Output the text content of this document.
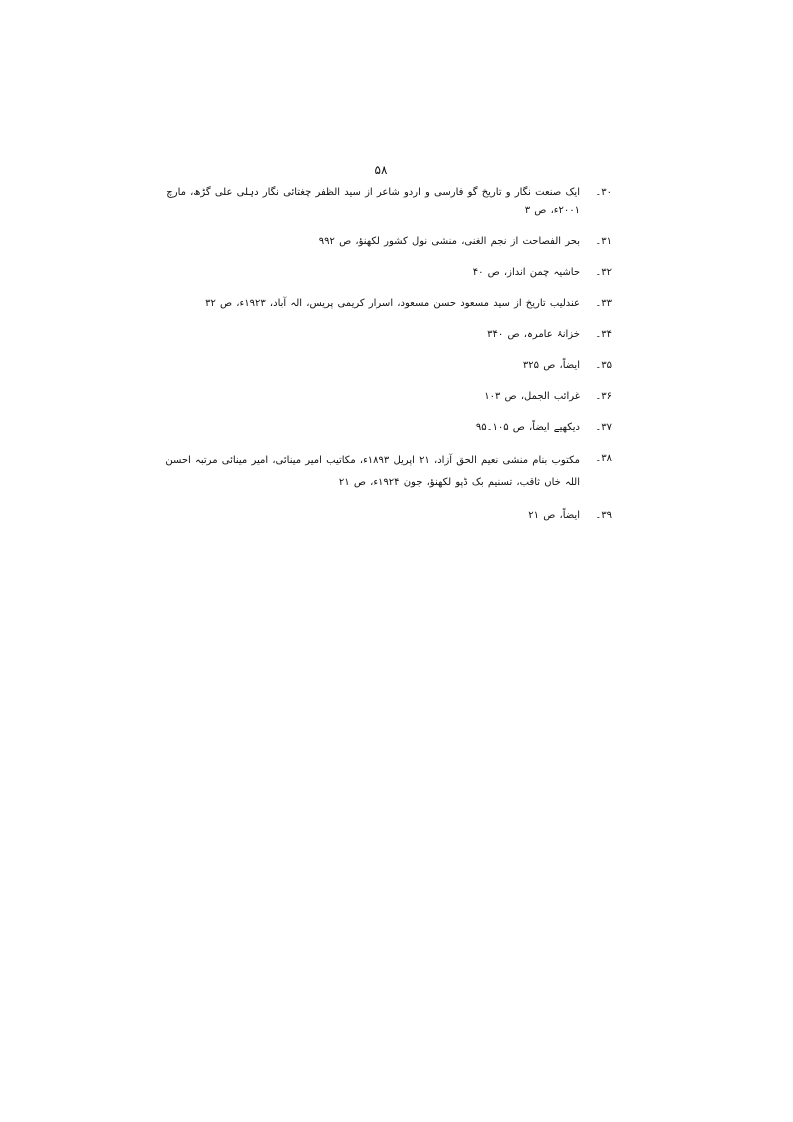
۵۸
۳۰۔
ایک صنعت نگار و تاریخ گو فارسی و اردو شاعر از سید الظفر چغتائی نگار دہلی علی گڑھ، مارچ ۲۰۰۱ء، ص ۳
۳۱۔
بحر الفصاحت از نجم الغنی، منشی نول کشور لکھنؤ، ص ۹۹۲
۳۲۔
حاشیہ چمن انداز، ص ۴۰
۳۳۔
عندلیب تاریخ از سید مسعود حسن مسعود، اسرار کریمی پریس، الہ آباد، ۱۹۲۳ء، ص ۳۲
۳۴۔
خزانۂ عامرہ، ص ۳۴۰
۳۵۔
ایضاً، ص ۳۲۵
۳۶۔
غرائب الجمل، ص ۱۰۳
۳۷۔
دیکھیے ایضاً، ص ۱۰۵۔۹۵
۳۸۔
مکتوب بنام منشی نعیم الحق آزاد، ۲۱ اپریل ۱۸۹۳ء، مکاتیب امیر مینائی، امیر مینائی مرتبہ احسن اللہ خاں ثاقب، تسنیم بک ڈپو لکھنؤ، جون ۱۹۲۴ء، ص ۲۱
۳۹۔
ایضاً، ص ۲۱
